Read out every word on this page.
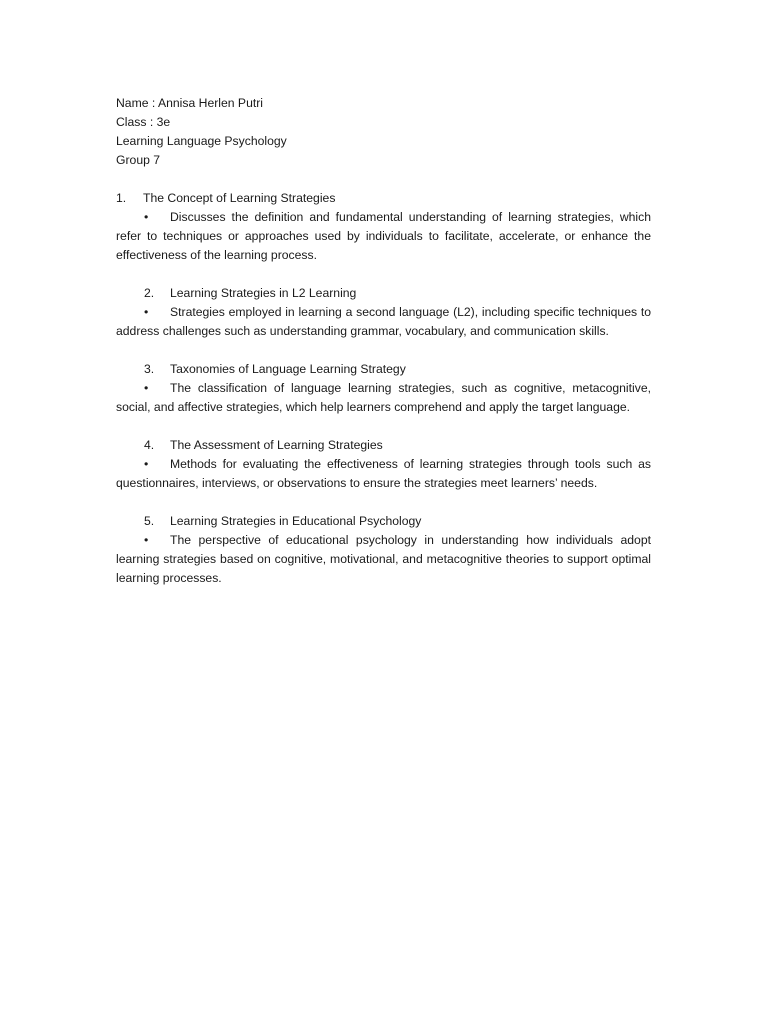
Name : Annisa Herlen Putri

Class : 3e

Learning Language Psychology

Group 7

1.	The Concept of Learning Strategies

• Discusses the definition and fundamental understanding of learning strategies, which refer to techniques or approaches used by individuals to facilitate, accelerate, or enhance the effectiveness of the learning process.

2.	Learning Strategies in L2 Learning

• Strategies employed in learning a second language (L2), including specific techniques to address challenges such as understanding grammar, vocabulary, and communication skills.

3.	Taxonomies of Language Learning Strategy

• The classification of language learning strategies, such as cognitive, metacognitive, social, and affective strategies, which help learners comprehend and apply the target language.

4.	The Assessment of Learning Strategies

• Methods for evaluating the effectiveness of learning strategies through tools such as questionnaires, interviews, or observations to ensure the strategies meet learners’ needs.

5.	Learning Strategies in Educational Psychology

• The perspective of educational psychology in understanding how individuals adopt learning strategies based on cognitive, motivational, and metacognitive theories to support optimal learning processes.
